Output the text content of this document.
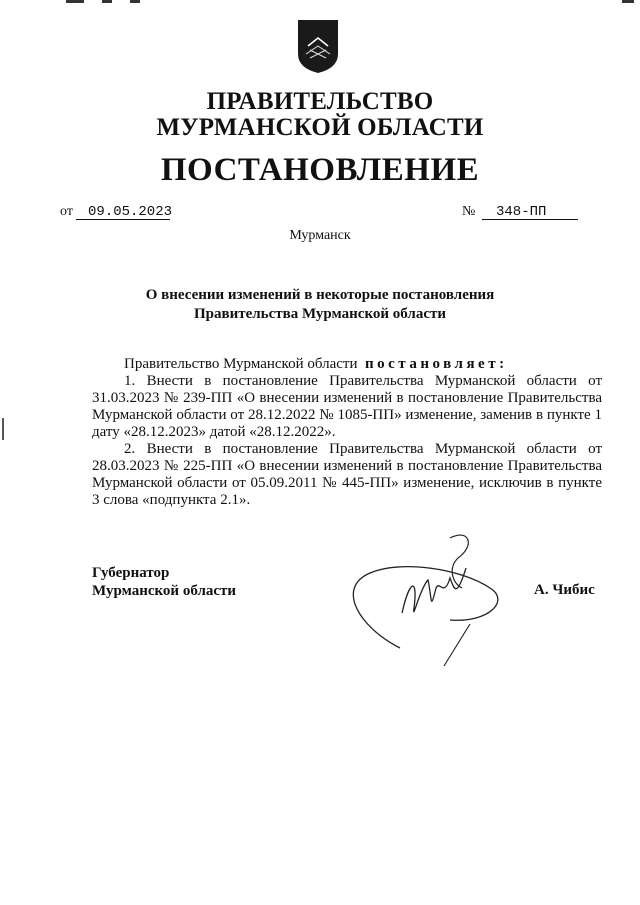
ПРАВИТЕЛЬСТВО
МУРМАНСКОЙ ОБЛАСТИ
ПОСТАНОВЛЕНИЕ
от 09.05.2023	№ 348-ПП
Мурманск
О внесении изменений в некоторые постановления
Правительства Мурманской области

Правительство Мурманской области постановляет:

1. Внести в постановление Правительства Мурманской области от 31.03.2023 № 239-ПП «О внесении изменений в постановление Правительства Мурманской области от 28.12.2022 № 1085-ПП» изменение, заменив в пункте 1 дату «28.12.2023» датой «28.12.2022».

2. Внести в постановление Правительства Мурманской области от 28.03.2023 № 225-ПП «О внесении изменений в постановление Правительства Мурманской области от 05.09.2011 № 445-ПП» изменение, исключив в пункте 3 слова «подпункта 2.1».

Губернатор
Мурманской области	А. Чибис
